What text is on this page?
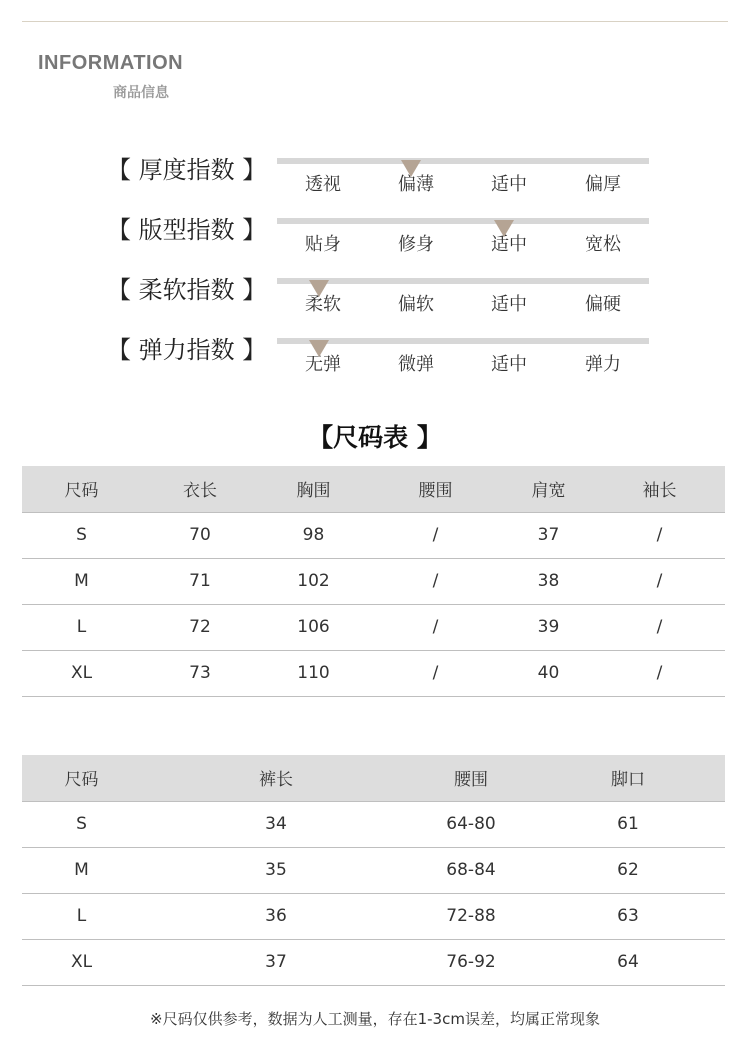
INFORMATION
商品信息
【 厚度指数 】
透视	偏薄	适中	偏厚
【 版型指数 】
贴身	修身	适中	宽松
【 柔软指数 】
柔软	偏软	适中	偏硬
【 弹力指数 】
无弹	微弹	适中	弹力
【尺码表 】
尺码	衣长	胸围	腰围	肩宽	袖长
S	70	98	/	37	/
M	71	102	/	38	/
L	72	106	/	39	/
XL	73	110	/	40	/
尺码	裤长	腰围	脚口
S	34	64-80	61
M	35	68-84	62
L	36	72-88	63
XL	37	76-92	64
※尺码仅供参考，数据为人工测量，存在1-3cm误差，均属正常现象
